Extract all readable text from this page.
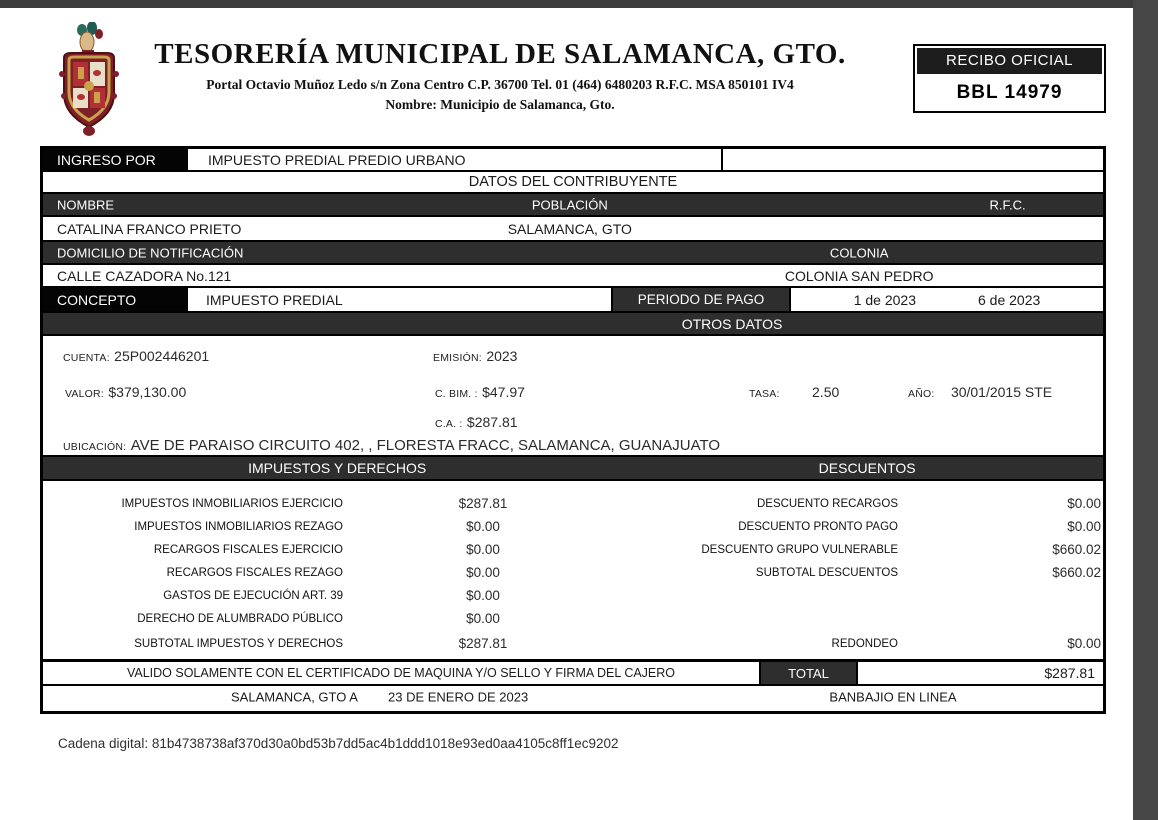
TESORERÍA MUNICIPAL DE SALAMANCA, GTO.
Portal Octavio Muñoz Ledo s/n Zona Centro C.P. 36700 Tel. 01 (464) 6480203 R.F.C. MSA 850101 IV4
Nombre: Municipio de Salamanca, Gto.
RECIBO OFICIAL
BBL 14979
INGRESO POR	IMPUESTO PREDIAL PREDIO URBANO
DATOS DEL CONTRIBUYENTE
NOMBRE	POBLACIÓN	R.F.C.
CATALINA FRANCO PRIETO	SALAMANCA, GTO
DOMICILIO DE NOTIFICACIÓN	COLONIA
CALLE CAZADORA No.121	COLONIA SAN PEDRO
CONCEPTO	IMPUESTO PREDIAL	PERIODO DE PAGO	1 de 2023	6 de 2023
OTROS DATOS
CUENTA: 25P002446201	EMISIÓN: 2023
VALOR: $379,130.00	C. BIM. : $47.97	TASA: 2.50	AÑO: 30/01/2015 STE
C.A. : $287.81
UBICACIÓN: AVE DE PARAISO CIRCUITO 402, , FLORESTA FRACC, SALAMANCA, GUANAJUATO
IMPUESTOS Y DERECHOS	DESCUENTOS
IMPUESTOS INMOBILIARIOS EJERCICIO	$287.81
IMPUESTOS INMOBILIARIOS REZAGO	$0.00
RECARGOS FISCALES EJERCICIO	$0.00
RECARGOS FISCALES REZAGO	$0.00
GASTOS DE EJECUCIÓN ART. 39	$0.00
DERECHO DE ALUMBRADO PÚBLICO	$0.00
SUBTOTAL IMPUESTOS Y DERECHOS	$287.81
DESCUENTO RECARGOS	$0.00
DESCUENTO PRONTO PAGO	$0.00
DESCUENTO GRUPO VULNERABLE	$660.02
SUBTOTAL DESCUENTOS	$660.02
REDONDEO	$0.00
VALIDO SOLAMENTE CON EL CERTIFICADO DE MAQUINA Y/O SELLO Y FIRMA DEL CAJERO	TOTAL	$287.81
SALAMANCA, GTO A 23 DE ENERO DE 2023	BANBAJIO EN LINEA
Cadena digital: 81b4738738af370d30a0bd53b7dd5ac4b1ddd1018e93ed0aa4105c8ff1ec9202
